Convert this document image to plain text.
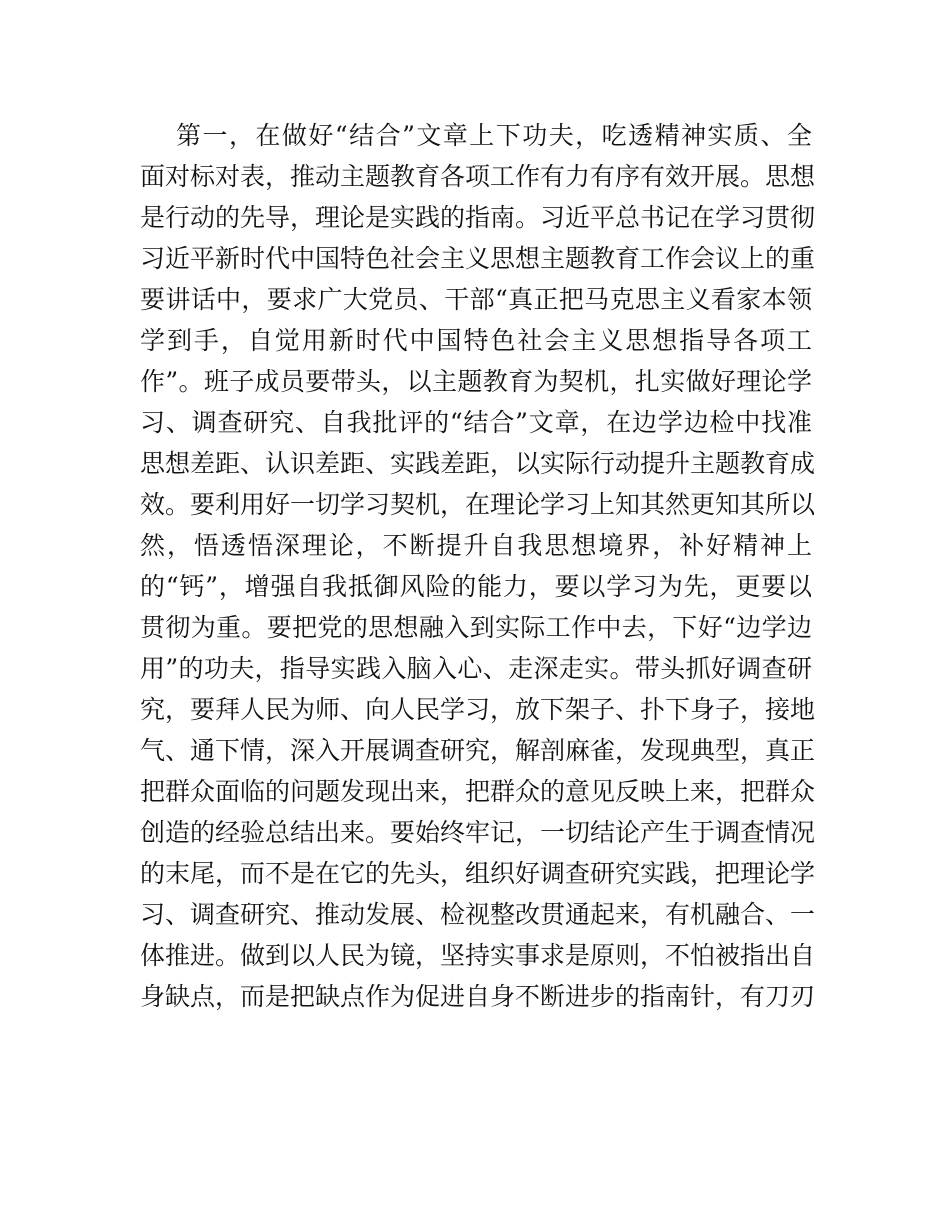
第一，在做好“结合”文章上下功夫，吃透精神实质、全
面对标对表，推动主题教育各项工作有力有序有效开展。思想
是行动的先导，理论是实践的指南。习近平总书记在学习贯彻
习近平新时代中国特色社会主义思想主题教育工作会议上的重
要讲话中，要求广大党员、干部“真正把马克思主义看家本领
学到手，自觉用新时代中国特色社会主义思想指导各项工
作”。班子成员要带头，以主题教育为契机，扎实做好理论学
习、调查研究、自我批评的“结合”文章，在边学边检中找准
思想差距、认识差距、实践差距，以实际行动提升主题教育成
效。要利用好一切学习契机，在理论学习上知其然更知其所以
然，悟透悟深理论，不断提升自我思想境界，补好精神上
的“钙”，增强自我抵御风险的能力，要以学习为先，更要以
贯彻为重。要把党的思想融入到实际工作中去，下好“边学边
用”的功夫，指导实践入脑入心、走深走实。带头抓好调查研
究，要拜人民为师、向人民学习，放下架子、扑下身子，接地
气、通下情，深入开展调查研究，解剖麻雀，发现典型，真正
把群众面临的问题发现出来，把群众的意见反映上来，把群众
创造的经验总结出来。要始终牢记，一切结论产生于调查情况
的末尾，而不是在它的先头，组织好调查研究实践，把理论学
习、调查研究、推动发展、检视整改贯通起来，有机融合、一
体推进。做到以人民为镜，坚持实事求是原则，不怕被指出自
身缺点，而是把缺点作为促进自身不断进步的指南针，有刀刃
